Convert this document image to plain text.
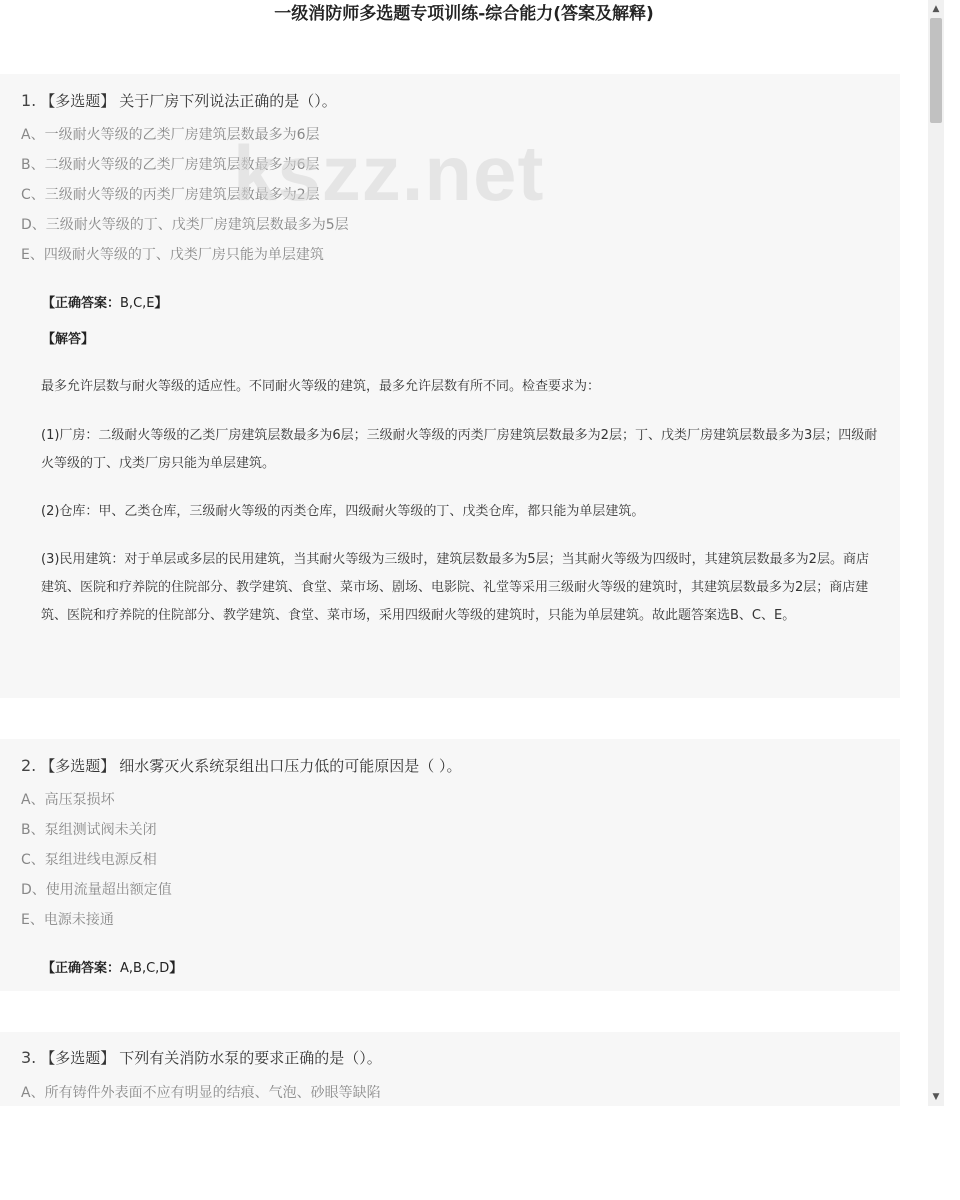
一级消防师多选题专项训练-综合能力(答案及解释)
1. 【多选题】 关于厂房下列说法正确的是（）。
A、一级耐火等级的乙类厂房建筑层数最多为6层
B、二级耐火等级的乙类厂房建筑层数最多为6层
C、三级耐火等级的丙类厂房建筑层数最多为2层
D、三级耐火等级的丁、戊类厂房建筑层数最多为5层
E、四级耐火等级的丁、戊类厂房只能为单层建筑
【正确答案：B,C,E】
【解答】

最多允许层数与耐火等级的适应性。不同耐火等级的建筑，最多允许层数有所不同。检查要求为：

(1)厂房：二级耐火等级的乙类厂房建筑层数最多为6层；三级耐火等级的丙类厂房建筑层数最多为2层；丁、戊类厂房建筑层数最多为3层；四级耐火等级的丁、戊类厂房只能为单层建筑。

(2)仓库：甲、乙类仓库，三级耐火等级的丙类仓库，四级耐火等级的丁、戊类仓库，都只能为单层建筑。

(3)民用建筑：对于单层或多层的民用建筑，当其耐火等级为三级时，建筑层数最多为5层；当其耐火等级为四级时，其建筑层数最多为2层。商店建筑、医院和疗养院的住院部分、教学建筑、食堂、菜市场、剧场、电影院、礼堂等采用三级耐火等级的建筑时，其建筑层数最多为2层；商店建筑、医院和疗养院的住院部分、教学建筑、食堂、菜市场，采用四级耐火等级的建筑时，只能为单层建筑。故此题答案选B、C、E。

2. 【多选题】 细水雾灭火系统泵组出口压力低的可能原因是（ ）。
A、高压泵损坏
B、泵组测试阀未关闭
C、泵组进线电源反相
D、使用流量超出额定值
E、电源未接通
【正确答案：A,B,C,D】
3. 【多选题】 下列有关消防水泵的要求正确的是（）。
A、所有铸件外表面不应有明显的结痕、气泡、砂眼等缺陷
kszz.net
▲
▼
